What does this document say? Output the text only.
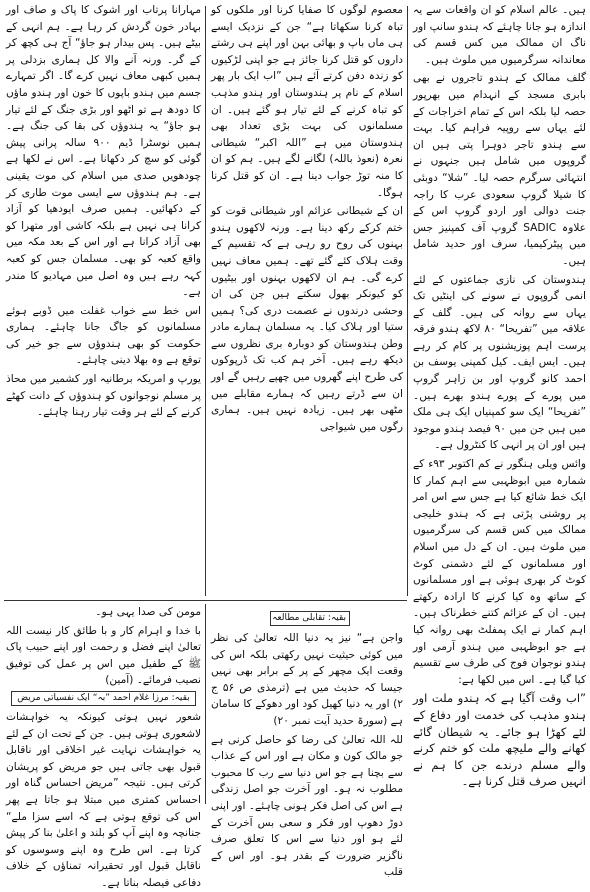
ہیں۔ عالم اسلام کو ان واقعات سے یہ اندازہ ہو جانا چاہئے کہ ہندو سانپ اور ناگ ان ممالک میں کس قسم کی معاندانہ سرگرمیوں میں ملوث ہیں۔

گلف ممالک کے ہندو تاجروں نے بھی بابری مسجد کے انہدام میں بھرپور حصہ لیا بلکہ اس کے تمام اخراجات کے لئے یہاں سے روپیہ فراہم کیا۔ بہت سے ہندو تاجر دوہرا پتی ہیں ان گروپوں میں شامل ہیں جنہوں نے انتہائی سرگرم حصہ لیا۔ ”شلا“ دوبئی کا شیلا گروپ سعودی عرب کا راجہ جنت دوالی اور اردو گروپ اس کے علاوہ SADIC گروپ آف کمپنیز جس میں پیٹرکیمیا، سرف اور حدید شامل ہیں۔

ہندوستان کی نازی جماعتوں کے لئے انمی گروپوں نے سونے کی اینٹیں تک یہاں سے روانہ کی ہیں۔ گلف کے علاقہ میں ”تفریحا“ ۸۰ لاکھ ہندو فرقہ پرست اہم پوزیشنوں پر کام کر رہے ہیں۔ ایس ایف۔ کیل کمپنی یوسف بن احمد کانو گروپ اور بن زاہر گروپ میں پورے کے پورے ہندو بھرے ہیں۔ ”تفریحا“ ایک سو کمپنیاں ایک ہی ملک میں ہیں جن میں ۹۰ فیصد ہندو موجود ہیں اور ان پر انہی کا کنٹرول ہے۔

وائس ویلی ہنگور نے کم اکتوبر ۹۳ء کے شمارہ میں ابوظہبی سے اہم کمار کا ایک خط شائع کیا ہے جس سے اس امر پر روشنی پڑتی ہے کہ ہندو خلیجی ممالک میں کس قسم کی سرگرمیوں میں ملوث ہیں۔ ان کے دل میں اسلام اور مسلمانوں کے لئے دشمنی کوٹ کوٹ کر بھری ہوئی ہے اور مسلمانوں کے ساتھ وہ کیا کرنے کا ارادہ رکھتے ہیں۔ ان کے عزائم کتنے خطرناک ہیں۔ اہم کمار نے ایک پمفلٹ بھی روانہ کیا ہے جو ابوظہبی میں ہندو آرمی اور ہندو نوجوان فوج کی طرف سے تقسیم کیا گیا ہے۔ اس میں لکھا ہے:

”اب وقت آگیا ہے کہ ہندو ملت اور ہندو مذہب کی خدمت اور دفاع کے لئے کھڑا ہو جائے۔ یہ شیطان گائے کھانے والے ملیچھ ملت کو ختم کرنے والے مسلم درندے جن کا ہم نے انہیں صرف قتل کرنا ہے۔

معصوم لوگوں کا صفایا کرنا اور ملکوں کو تباہ کرنا سکھاتا ہے“ جن کے نزدیک ایسے ہی ماں باپ و بھائی بہن اور اپنے ہی رشتے داروں کو قتل کرنا جائز ہے جو اپنی لڑکیوں کو زندہ دفن کرتے آئے ہیں ”اب ایک بار پھر اسلام کے نام پر ہندوستان اور ہندو مذہب کو تباہ کرنے کے لئے تیار ہو گئے ہیں۔ ان مسلمانوں کی بہت بڑی تعداد بھی ہندوستان میں ہے ”اللہ اکبر“ شیطانی نعرہ (نعوذ باللہ) لگانے لگے ہیں۔ ہم کو ان کا منہ توڑ جواب دینا ہے۔ ان کو قتل کرنا ہوگا۔

ان کے شیطانی عزائم اور شیطانی قوت کو ختم کرکے رکھ دینا ہے۔ ورنہ لاکھوں ہندو بہنوں کی روح رو رہی ہے کہ تقسیم کے وقت ہلاک کئے گئے تھے۔ ہمیں معاف نہیں کرے گی۔ ہم ان لاکھوں بہنوں اور بیٹیوں کو کیونکر بھول سکتے ہیں جن کی ان وحشی درندوں نے عصمت دری کی؟ ہمیں ستیا اور ہلاک کیا۔ یہ مسلمان ہمارے مادر وطن ہندوستان کو دوبارہ بری نظروں سے دیکھ رہے ہیں۔ آخر ہم کب تک ڈرپوکوں کی طرح اپنے گھروں میں چھپے رہیں گے اور ان سے ڈرتے رہیں کہ ہمارے مقابلے میں مٹھی بھر ہیں۔ زیادہ نہیں ہیں۔ ہماری رگوں میں شیواجی

مہارانا پرتاب اور اشوک کا پاک و صاف اور بہادر خون گردش کر رہا ہے۔ ہم انہی کے بیٹے ہیں۔ پس بیدار ہو جاؤ“ آج ہی کچھ کر کے گر۔ ورنہ آنے والا کل ہماری بزدلی پر ہمیں کبھی معاف نہیں کرے گا۔ اگر تمہارے جسم میں ہندو باپوں کا خون اور ہندو ماؤں کا دودھ ہے تو اٹھو اور بڑی جنگ کے لئے تیار ہو جاؤ“ یہ ہندوؤں کی بقا کی جنگ ہے۔ ہمیں نوسٹرا ڈیم ۹۰۰ سالہ پرانی پیش گوئی کو سچ کر دکھانا ہے۔ اس نے لکھا ہے چودھویں صدی میں اسلام کی موت یقینی ہے۔ ہم ہندوؤں سے ایسی موت طاری کر کے دکھائیں۔ ہمیں صرف ایودھیا کو آزاد کرانا ہی نہیں ہے بلکہ کاشی اور متھرا کو بھی آزاد کرانا ہے اور اس کے بعد مکہ میں واقع کعبہ کو بھی۔ مسلمان جس کو کعبہ کہہ رہے ہیں وہ اصل میں مہادیو کا مندر ہے۔

اس خط سے خواب غفلت میں ڈوبے ہوئے مسلمانوں کو جاگ جانا چاہئے۔ ہماری حکومت کو بھی ہندوؤں سے جو خیر کی توقع ہے وہ بھلا دینی چاہئے۔

یورپ و امریکہ برطانیہ اور کشمیر میں محاذ پر مسلم نوجوانوں کو ہندوؤں کے دانت کھٹے کرنے کے لئے ہر وقت تیار رہنا چاہئے۔

بقیہ: تقابلی مطالعہ

واجن ہے“ نیز یہ دنیا اللہ تعالیٰ کی نظر میں کوئی حیثیت نہیں رکھتی بلکہ اس کی وقعت ایک مچھر کے پر کے برابر بھی نہیں جیسا کہ حدیث میں ہے (ترمذی ص ۵۶ ج ۲) اور یہ دنیا کھیل کود اور دھوکے کا سامان ہے (سورۃ حدید آیت نمبر ۲۰)

للہ اللہ تعالیٰ کی رضا کو حاصل کرنی ہے جو مالک کون و مکان ہے اور اس کے عذاب سے بچنا ہے جو اس دنیا سے رب کا محبوب مطلوب نہ ہو۔ اور آخرت جو اصل زندگی ہے اس کی اصل فکر ہونی چاہئے۔ اور اپنی دوڑ دھوپ اور فکر و سعی بس آخرت کے لئے ہو اور دنیا سے اس کا تعلق صرف ناگزیر ضرورت کے بقدر ہو۔ اور اس کے قلب

مومن کی صدا یہی ہو۔

با خدا و اہرام کار و با طائق کار نیست اللہ تعالیٰ اپنے فضل و رحمت اور اپنے حبیب پاک ﷺ کے طفیل میں اس پر عمل کی توفیق نصیب فرمائے۔ (آمین)

بقیہ: مرزا غلام احمد ”بہ“ ایک نفسیاتی مریض

شعور نہیں ہوتی کیونکہ یہ خواہشات لاشعوری ہوتی ہیں۔ جن کے تحت ان کے لئے یہ خواہشات نہایت غیر اخلاقی اور ناقابل قبول بھی جاتی ہیں جو مریض کو پریشان کرتی ہیں۔ نتیجہ ”مریض احساس گناہ اور احساس کمتری میں مبتلا ہو جاتا ہے پھر اس کی توقع ہوتی ہے کہ اسے سزا ملے“ جنانچہ وہ اپنے آپ کو بلند و اعلیٰ بنا کر پیش کرتا ہے۔ اس طرح وہ اپنے وسوسوں کو ناقابل قبول اور تحقیرانہ تمناؤں کے خلاف دفاعی فیصلہ بناتا ہے۔
